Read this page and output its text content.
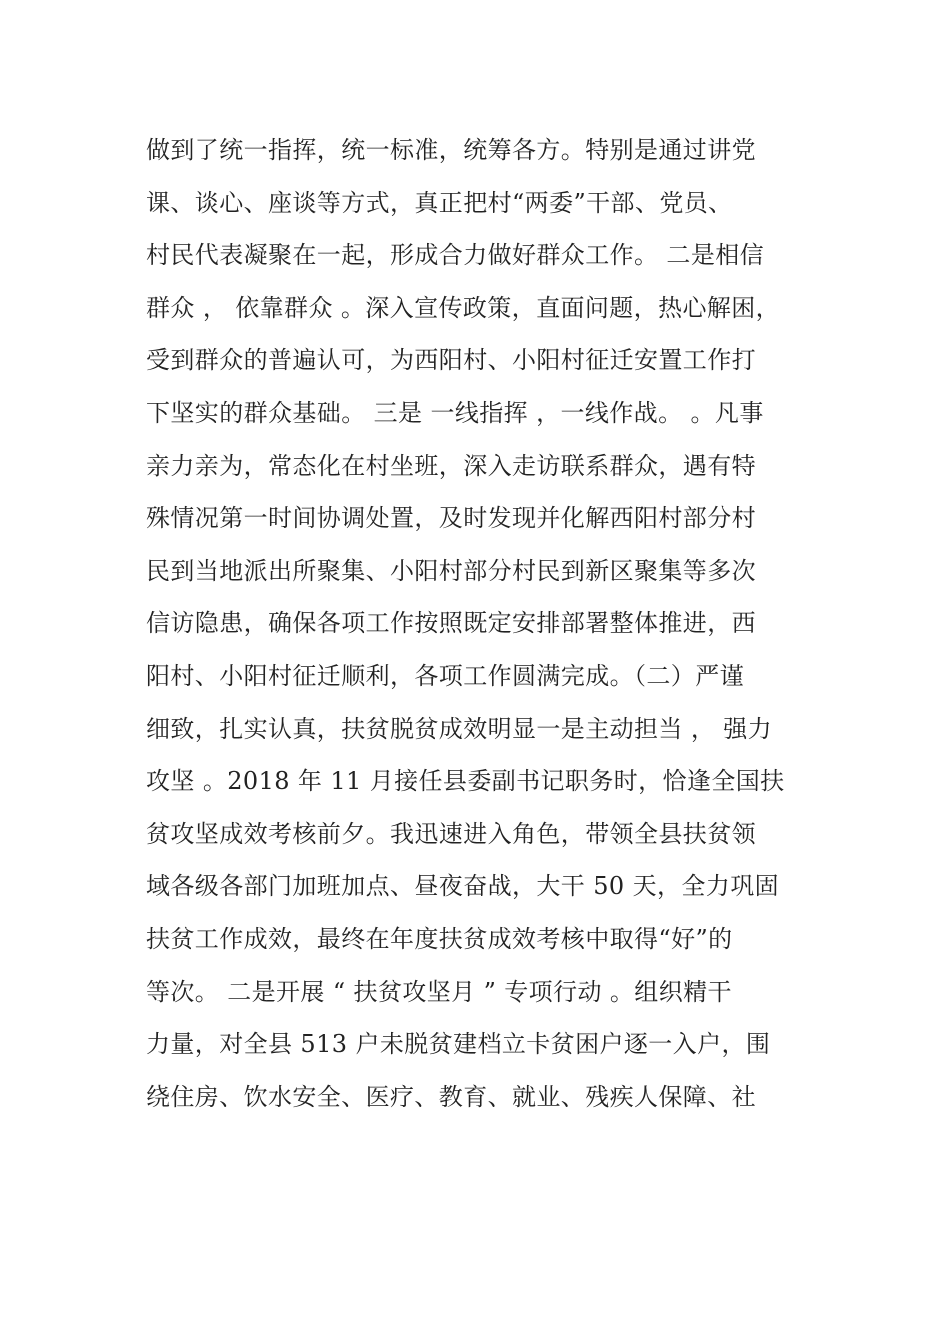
做到了统一指挥，统一标准，统筹各方。特别是通过讲党
课、谈心、座谈等方式，真正把村“两委”干部、党员、
村民代表凝聚在一起，形成合力做好群众工作。 二是相信
群众 ， 依靠群众 。深入宣传政策，直面问题，热心解困，
受到群众的普遍认可，为西阳村、小阳村征迁安置工作打
下坚实的群众基础。 三是 一线指挥 ，一线作战。 。凡事
亲力亲为，常态化在村坐班，深入走访联系群众，遇有特
殊情况第一时间协调处置，及时发现并化解西阳村部分村
民到当地派出所聚集、小阳村部分村民到新区聚集等多次
信访隐患，确保各项工作按照既定安排部署整体推进，西
阳村、小阳村征迁顺利，各项工作圆满完成。（二）严谨
细致，扎实认真，扶贫脱贫成效明显一是主动担当 ， 强力
攻坚 。2018 年 11 月接任县委副书记职务时，恰逢全国扶
贫攻坚成效考核前夕。我迅速进入角色，带领全县扶贫领
域各级各部门加班加点、昼夜奋战，大干 50 天，全力巩固
扶贫工作成效，最终在年度扶贫成效考核中取得“好”的
等次。 二是开展 “ 扶贫攻坚月 ” 专项行动 。组织精干
力量，对全县 513 户未脱贫建档立卡贫困户逐一入户，围
绕住房、饮水安全、医疗、教育、就业、残疾人保障、社
